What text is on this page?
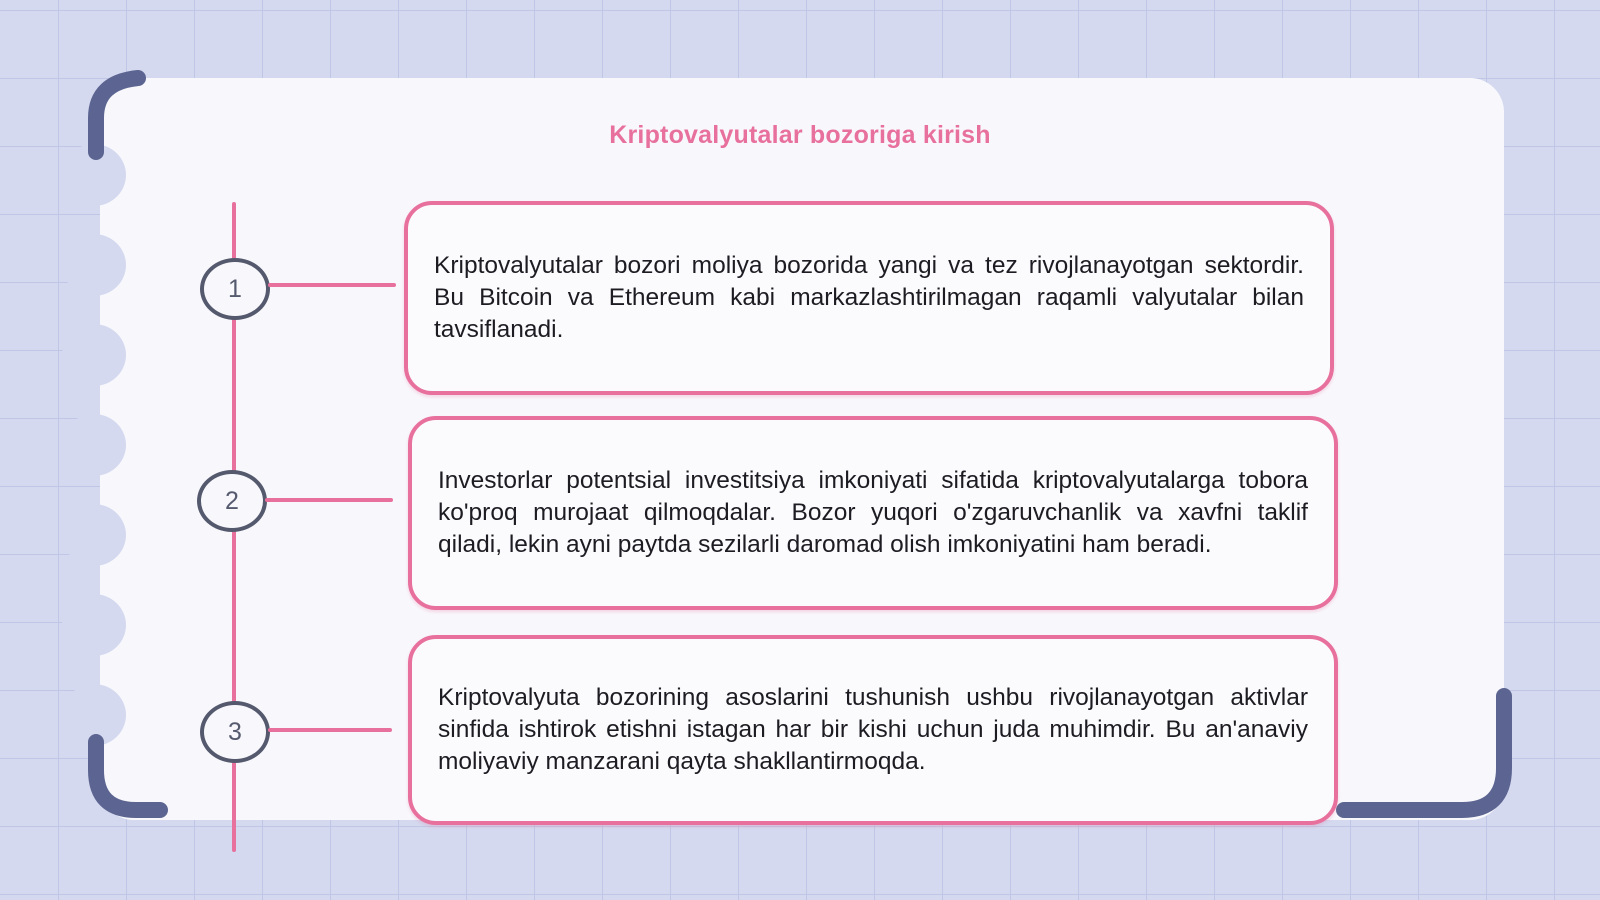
Kriptovalyutalar bozoriga kirish
1

Kriptovalyutalar bozori moliya bozorida yangi va tez rivojlanayotgan sektordir. Bu Bitcoin va Ethereum kabi markazlashtirilmagan raqamli valyutalar bilan tavsiflanadi.

2

Investorlar potentsial investitsiya imkoniyati sifatida kriptovalyutalarga tobora ko'proq murojaat qilmoqdalar. Bozor yuqori o'zgaruvchanlik va xavfni taklif qiladi, lekin ayni paytda sezilarli daromad olish imkoniyatini ham beradi.

3

Kriptovalyuta bozorining asoslarini tushunish ushbu rivojlanayotgan aktivlar sinfida ishtirok etishni istagan har bir kishi uchun juda muhimdir. Bu an'anaviy moliyaviy manzarani qayta shakllantirmoqda.
